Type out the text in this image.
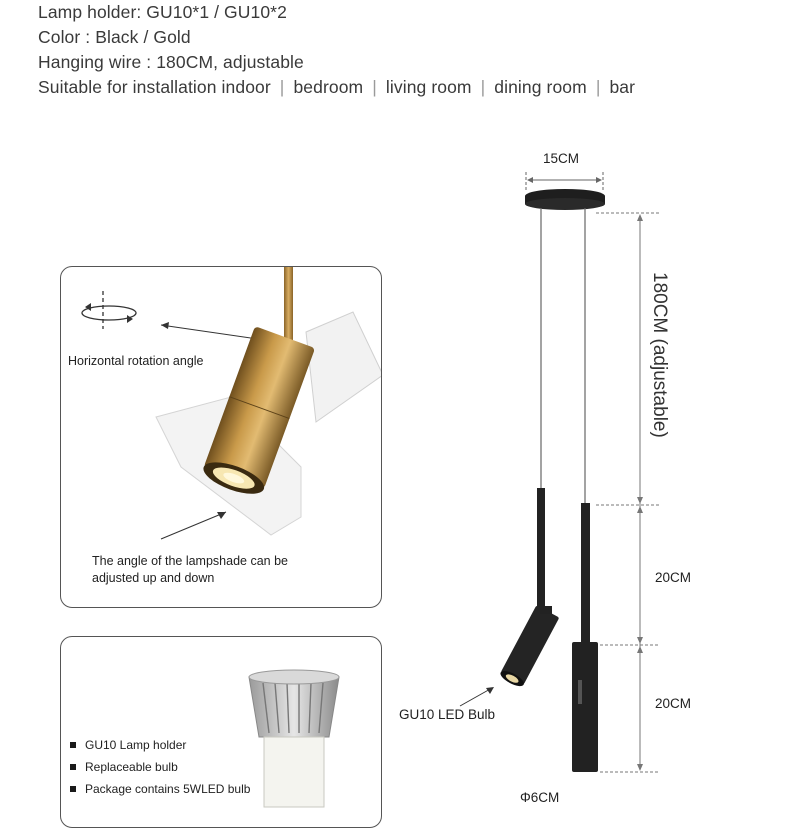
Lamp holder: GU10*1 / GU10*2
Color : Black / Gold
Hanging wire : 180CM, adjustable
Suitable for installation indoor | bedroom | living room | dining room | bar
Horizontal rotation angle
The angle of the lampshade can be adjusted up and down
GU10 Lamp holder
Replaceable bulb
Package contains 5WLED bulb
15CM
180CM (adjustable)
20CM
20CM
GU10 LED Bulb
Φ6CM
